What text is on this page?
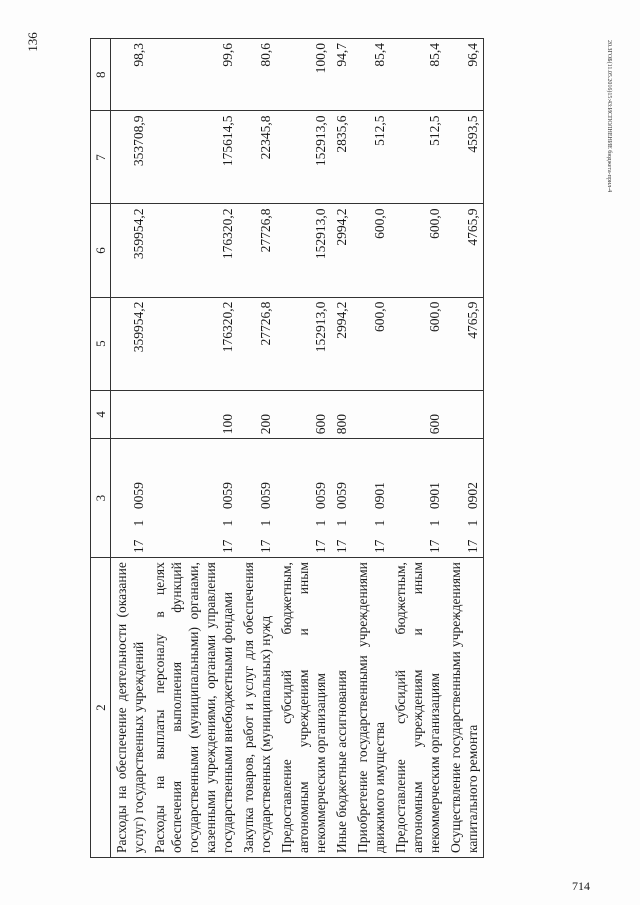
136
714
20.ЗГОБ(11.05.2016)15:43:ИСПОЛНЕНИЕ бюджета-прил-4
2	3	4	5	6	7	8
Расходы на обеспечение деятельности (оказание услуг) государственных учреждений	1710059		359954,2	359954,2	353708,9	98,3
Расходы на выплаты персоналу в целях обеспечения выполнения функций государственными (муниципальными) органами, казенными учреждениями, органами управления государственными внебюджетными фондами	1710059	100	176320,2	176320,2	175614,5	99,6
Закупка товаров, работ и услуг для обеспечения государственных (муниципальных) нужд	1710059	200	27726,8	27726,8	22345,8	80,6
Предоставление субсидий бюджетным, автономным учреждениям и иным некоммерческим организациям	1710059	600	152913,0	152913,0	152913,0	100,0
Иные бюджетные ассигнования	1710059	800	2994,2	2994,2	2835,6	94,7
Приобретение государственными учреждениями движимого имущества	1710901		600,0	600,0	512,5	85,4
Предоставление субсидий бюджетным, автономным учреждениям и иным некоммерческим организациям	1710901	600	600,0	600,0	512,5	85,4
Осуществление государственными учреждениями капитального ремонта	1710902		4765,9	4765,9	4593,5	96,4
